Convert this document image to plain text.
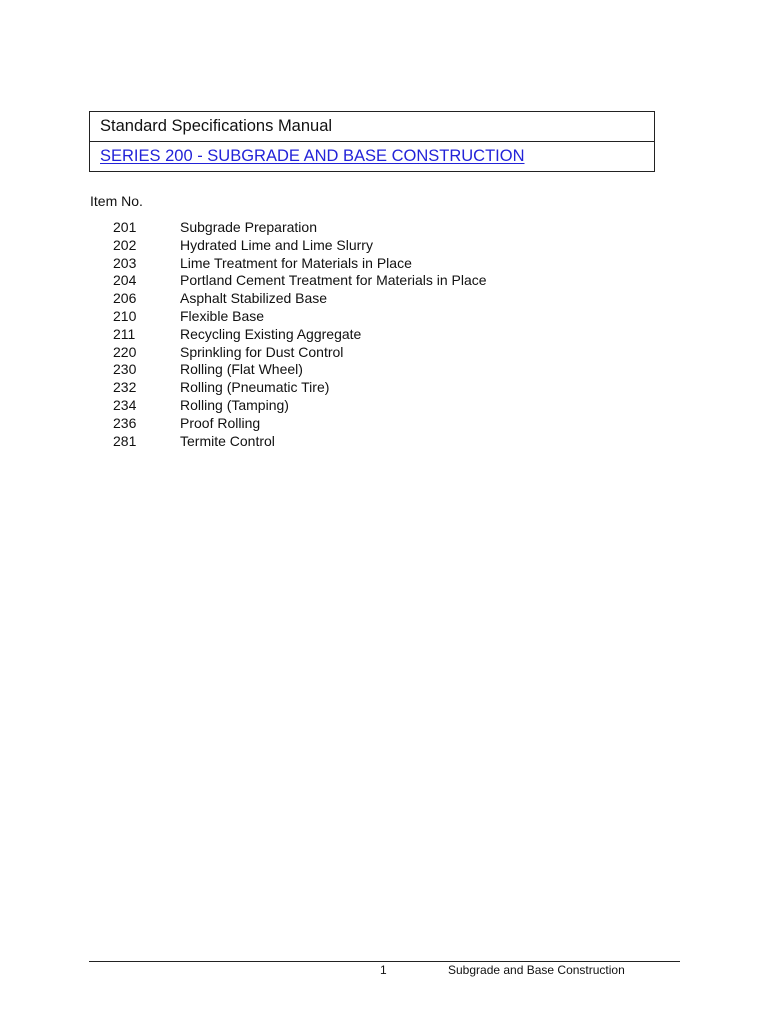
Standard Specifications Manual
SERIES 200 - SUBGRADE AND BASE CONSTRUCTION
Item No.
201	Subgrade Preparation
202	Hydrated Lime and Lime Slurry
203	Lime Treatment for Materials in Place
204	Portland Cement Treatment for Materials in Place
206	Asphalt Stabilized Base
210	Flexible Base
211	Recycling Existing Aggregate
220	Sprinkling for Dust Control
230	Rolling (Flat Wheel)
232	Rolling (Pneumatic Tire)
234	Rolling (Tamping)
236	Proof Rolling
281	Termite Control
1	Subgrade and Base Construction
